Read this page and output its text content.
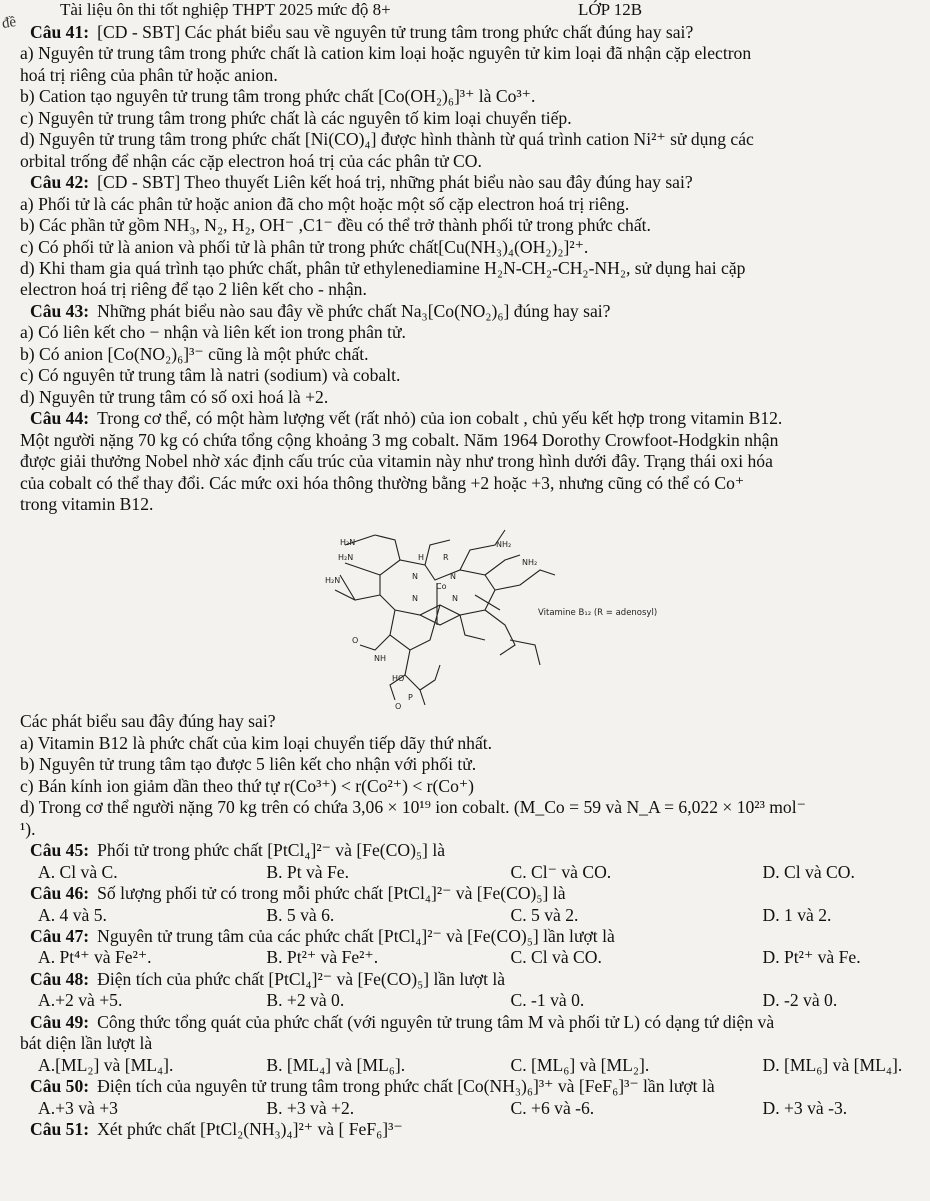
đề
Tài liệu ôn thi tốt nghiệp THPT 2025 mức độ 8+	LỚP 12B
Câu 41: [CD - SBT] Các phát biểu sau về nguyên tử trung tâm trong phức chất đúng hay sai?
a) Nguyên tử trung tâm trong phức chất là cation kim loại hoặc nguyên tử kim loại đã nhận cặp electron
hoá trị riêng của phân tử hoặc anion.
b) Cation tạo nguyên tử trung tâm trong phức chất [Co(OH₂)₆]³⁺ là Co³⁺.
c) Nguyên tử trung tâm trong phức chất là các nguyên tố kim loại chuyển tiếp.
d) Nguyên tử trung tâm trong phức chất [Ni(CO)₄] được hình thành từ quá trình cation Ni²⁺ sử dụng các
orbital trống để nhận các cặp electron hoá trị của các phân tử CO.
Câu 42: [CD - SBT] Theo thuyết Liên kết hoá trị, những phát biểu nào sau đây đúng hay sai?
a) Phối tử là các phân tử hoặc anion đã cho một hoặc một số cặp electron hoá trị riêng.
b) Các phần tử gồm NH₃, N₂, H₂, OH⁻ ,C1⁻ đều có thể trở thành phối tử trong phức chất.
c) Có phối tử là anion và phối tử là phân tử trong phức chất[Cu(NH₃)₄(OH₂)₂]²⁺.
d) Khi tham gia quá trình tạo phức chất, phân tử ethylenediamine H₂N-CH₂-CH₂-NH₂, sử dụng hai cặp
electron hoá trị riêng để tạo 2 liên kết cho - nhận.
Câu 43: Những phát biểu nào sau đây về phức chất Na₃[Co(NO₂)₆] đúng hay sai?
a) Có liên kết cho − nhận và liên kết ion trong phân tử.
b) Có anion [Co(NO₂)₆]³⁻ cũng là một phức chất.
c) Có nguyên tử trung tâm là natri (sodium) và cobalt.
d) Nguyên tử trung tâm có số oxi hoá là +2.
Câu 44: Trong cơ thể, có một hàm lượng vết (rất nhỏ) của ion cobalt , chủ yếu kết hợp trong vitamin B12.
Một người nặng 70 kg có chứa tổng cộng khoảng 3 mg cobalt. Năm 1964 Dorothy Crowfoot-Hodgkin nhận
được giải thưởng Nobel nhờ xác định cấu trúc của vitamin này như trong hình dưới đây. Trạng thái oxi hóa
của cobalt có thể thay đổi. Các mức oxi hóa thông thường bằng +2 hoặc +3, nhưng cũng có thể có Co⁺
trong vitamin B12.
H₂N
H₂N
H₂N
NH₂
NH₂
Co
N	N
N	N
R
H
O
NH
HO
P
O
Vitamine B₁₂ (R = adenosyl)
Các phát biểu sau đây đúng hay sai?
a) Vitamin B12 là phức chất của kim loại chuyển tiếp dãy thứ nhất.
b) Nguyên tử trung tâm tạo được 5 liên kết cho nhận với phối tử.
c) Bán kính ion giảm dần theo thứ tự r(Co³⁺) < r(Co²⁺) < r(Co⁺)
d) Trong cơ thể người nặng 70 kg trên có chứa 3,06 × 10¹⁹ ion cobalt. (M_Co = 59 và N_A = 6,022 × 10²³ mol⁻
¹).
Câu 45: Phối tử trong phức chất [PtCl₄]²⁻ và [Fe(CO)₅] là
A. Cl và C.	B. Pt và Fe.	C. Cl⁻ và CO.	D. Cl và CO.
Câu 46: Số lượng phối tử có trong mỗi phức chất [PtCl₄]²⁻ và [Fe(CO)₅] là
A. 4 và 5.	B. 5 và 6.	C. 5 và 2.	D. 1 và 2.
Câu 47: Nguyên tử trung tâm của các phức chất [PtCl₄]²⁻ và [Fe(CO)₅] lần lượt là
A. Pt⁴⁺ và Fe²⁺.	B. Pt²⁺ và Fe²⁺.	C. Cl và CO.	D. Pt²⁺ và Fe.
Câu 48: Điện tích của phức chất [PtCl₄]²⁻ và [Fe(CO)₅] lần lượt là
A.+2 và +5.	B. +2 và 0.	C. -1 và 0.	D. -2 và 0.
Câu 49: Công thức tổng quát của phức chất (với nguyên tử trung tâm M và phối tử L) có dạng tứ diện và
bát diện lần lượt là
A.[ML₂] và [ML₄].	B. [ML₄] và [ML₆].	C. [ML₆] và [ML₂].	D. [ML₆] và [ML₄].
Câu 50: Điện tích của nguyên tử trung tâm trong phức chất [Co(NH₃)₆]³⁺ và [FeF₆]³⁻ lần lượt là
A.+3 và +3	B. +3 và +2.	C. +6 và -6.	D. +3 và -3.
Câu 51: Xét phức chất [PtCl₂(NH₃)₄]²⁺ và [ FeF₆]³⁻
